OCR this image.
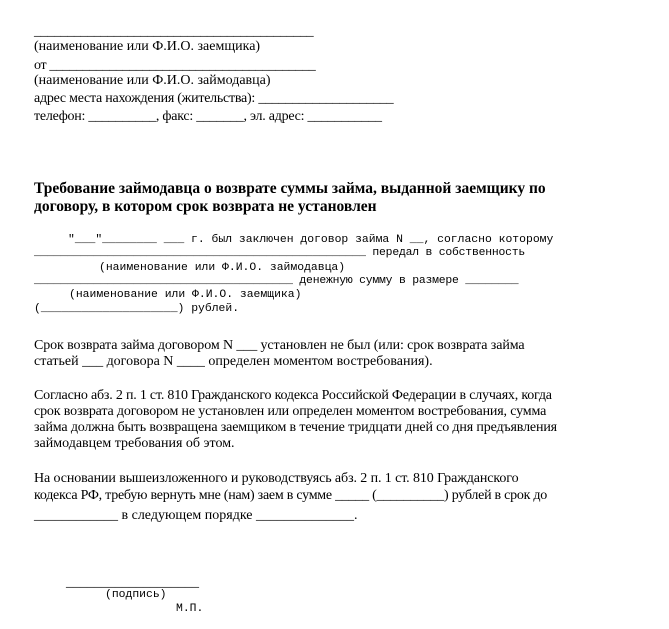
__________________________________________
(наименование или Ф.И.О. заемщика)
от ________________________________________
(наименование или Ф.И.О. займодавца)
адрес места нахождения (жительства): ____________________
телефон: __________, факс: _______, эл. адрес: ___________
Требование займодавца о возврате суммы займа, выданной заемщику по
договору, в котором срок возврата не установлен
"___"________ ___ г. был заключен договор займа N __, согласно которому
__________________________________________________ передал в собственность
(наименование или Ф.И.О. займодавца)
_______________________________________ денежную сумму в размере ________
(наименование или Ф.И.О. заемщика)
(____________________) рублей.
Срок возврата займа договором N ___ установлен не был (или: срок возврата займа
статьей ___ договора N ____ определен моментом востребования).
Согласно абз. 2 п. 1 ст. 810 Гражданского кодекса Российской Федерации в случаях, когда
срок возврата договором не установлен или определен моментом востребования, сумма
займа должна быть возвращена заемщиком в течение тридцати дней со дня предъявления
займодавцем требования об этом.
На основании вышеизложенного и руководствуясь абз. 2 п. 1 ст. 810 Гражданского
кодекса РФ, требую вернуть мне (нам) заем в сумме _____ (__________) рублей в срок до
____________ в следующем порядке ______________.
___________________
(подпись)
М.П.
